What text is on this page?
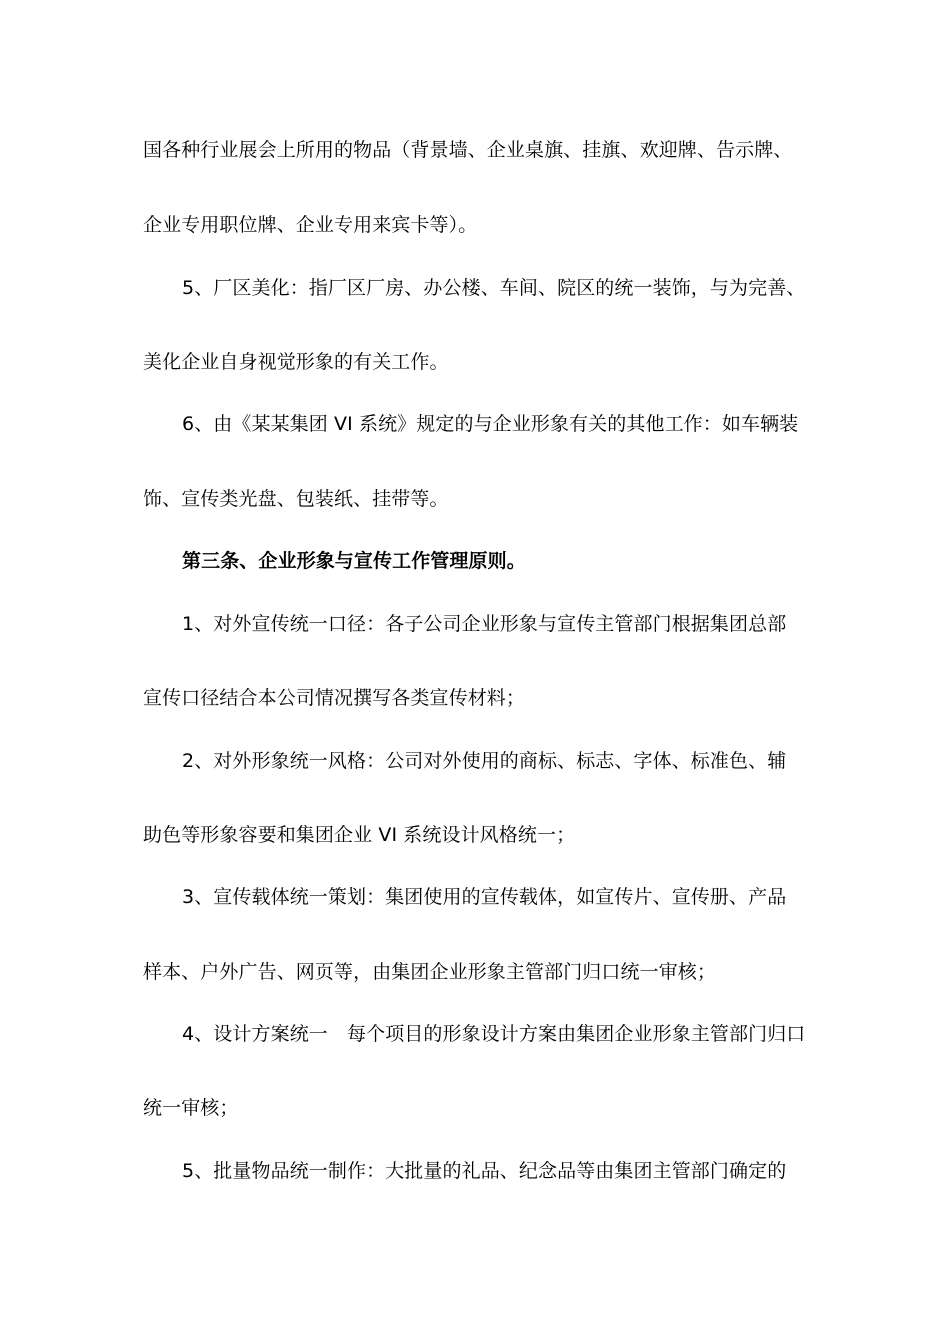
国各种行业展会上所用的物品（背景墙、企业桌旗、挂旗、欢迎牌、告示牌、
企业专用职位牌、企业专用来宾卡等）。
5、厂区美化：指厂区厂房、办公楼、车间、院区的统一装饰，与为完善、
美化企业自身视觉形象的有关工作。
6、由《某某集团 VI 系统》规定的与企业形象有关的其他工作：如车辆装
饰、宣传类光盘、包装纸、挂带等。
第三条、企业形象与宣传工作管理原则。
1、对外宣传统一口径：各子公司企业形象与宣传主管部门根据集团总部
宣传口径结合本公司情况撰写各类宣传材料；
2、对外形象统一风格：公司对外使用的商标、标志、字体、标准色、辅
助色等形象容要和集团企业 VI 系统设计风格统一；
3、宣传载体统一策划：集团使用的宣传载体，如宣传片、宣传册、产品
样本、户外广告、网页等，由集团企业形象主管部门归口统一审核；
4、设计方案统一　每个项目的形象设计方案由集团企业形象主管部门归口
统一审核；
5、批量物品统一制作：大批量的礼品、纪念品等由集团主管部门确定的
